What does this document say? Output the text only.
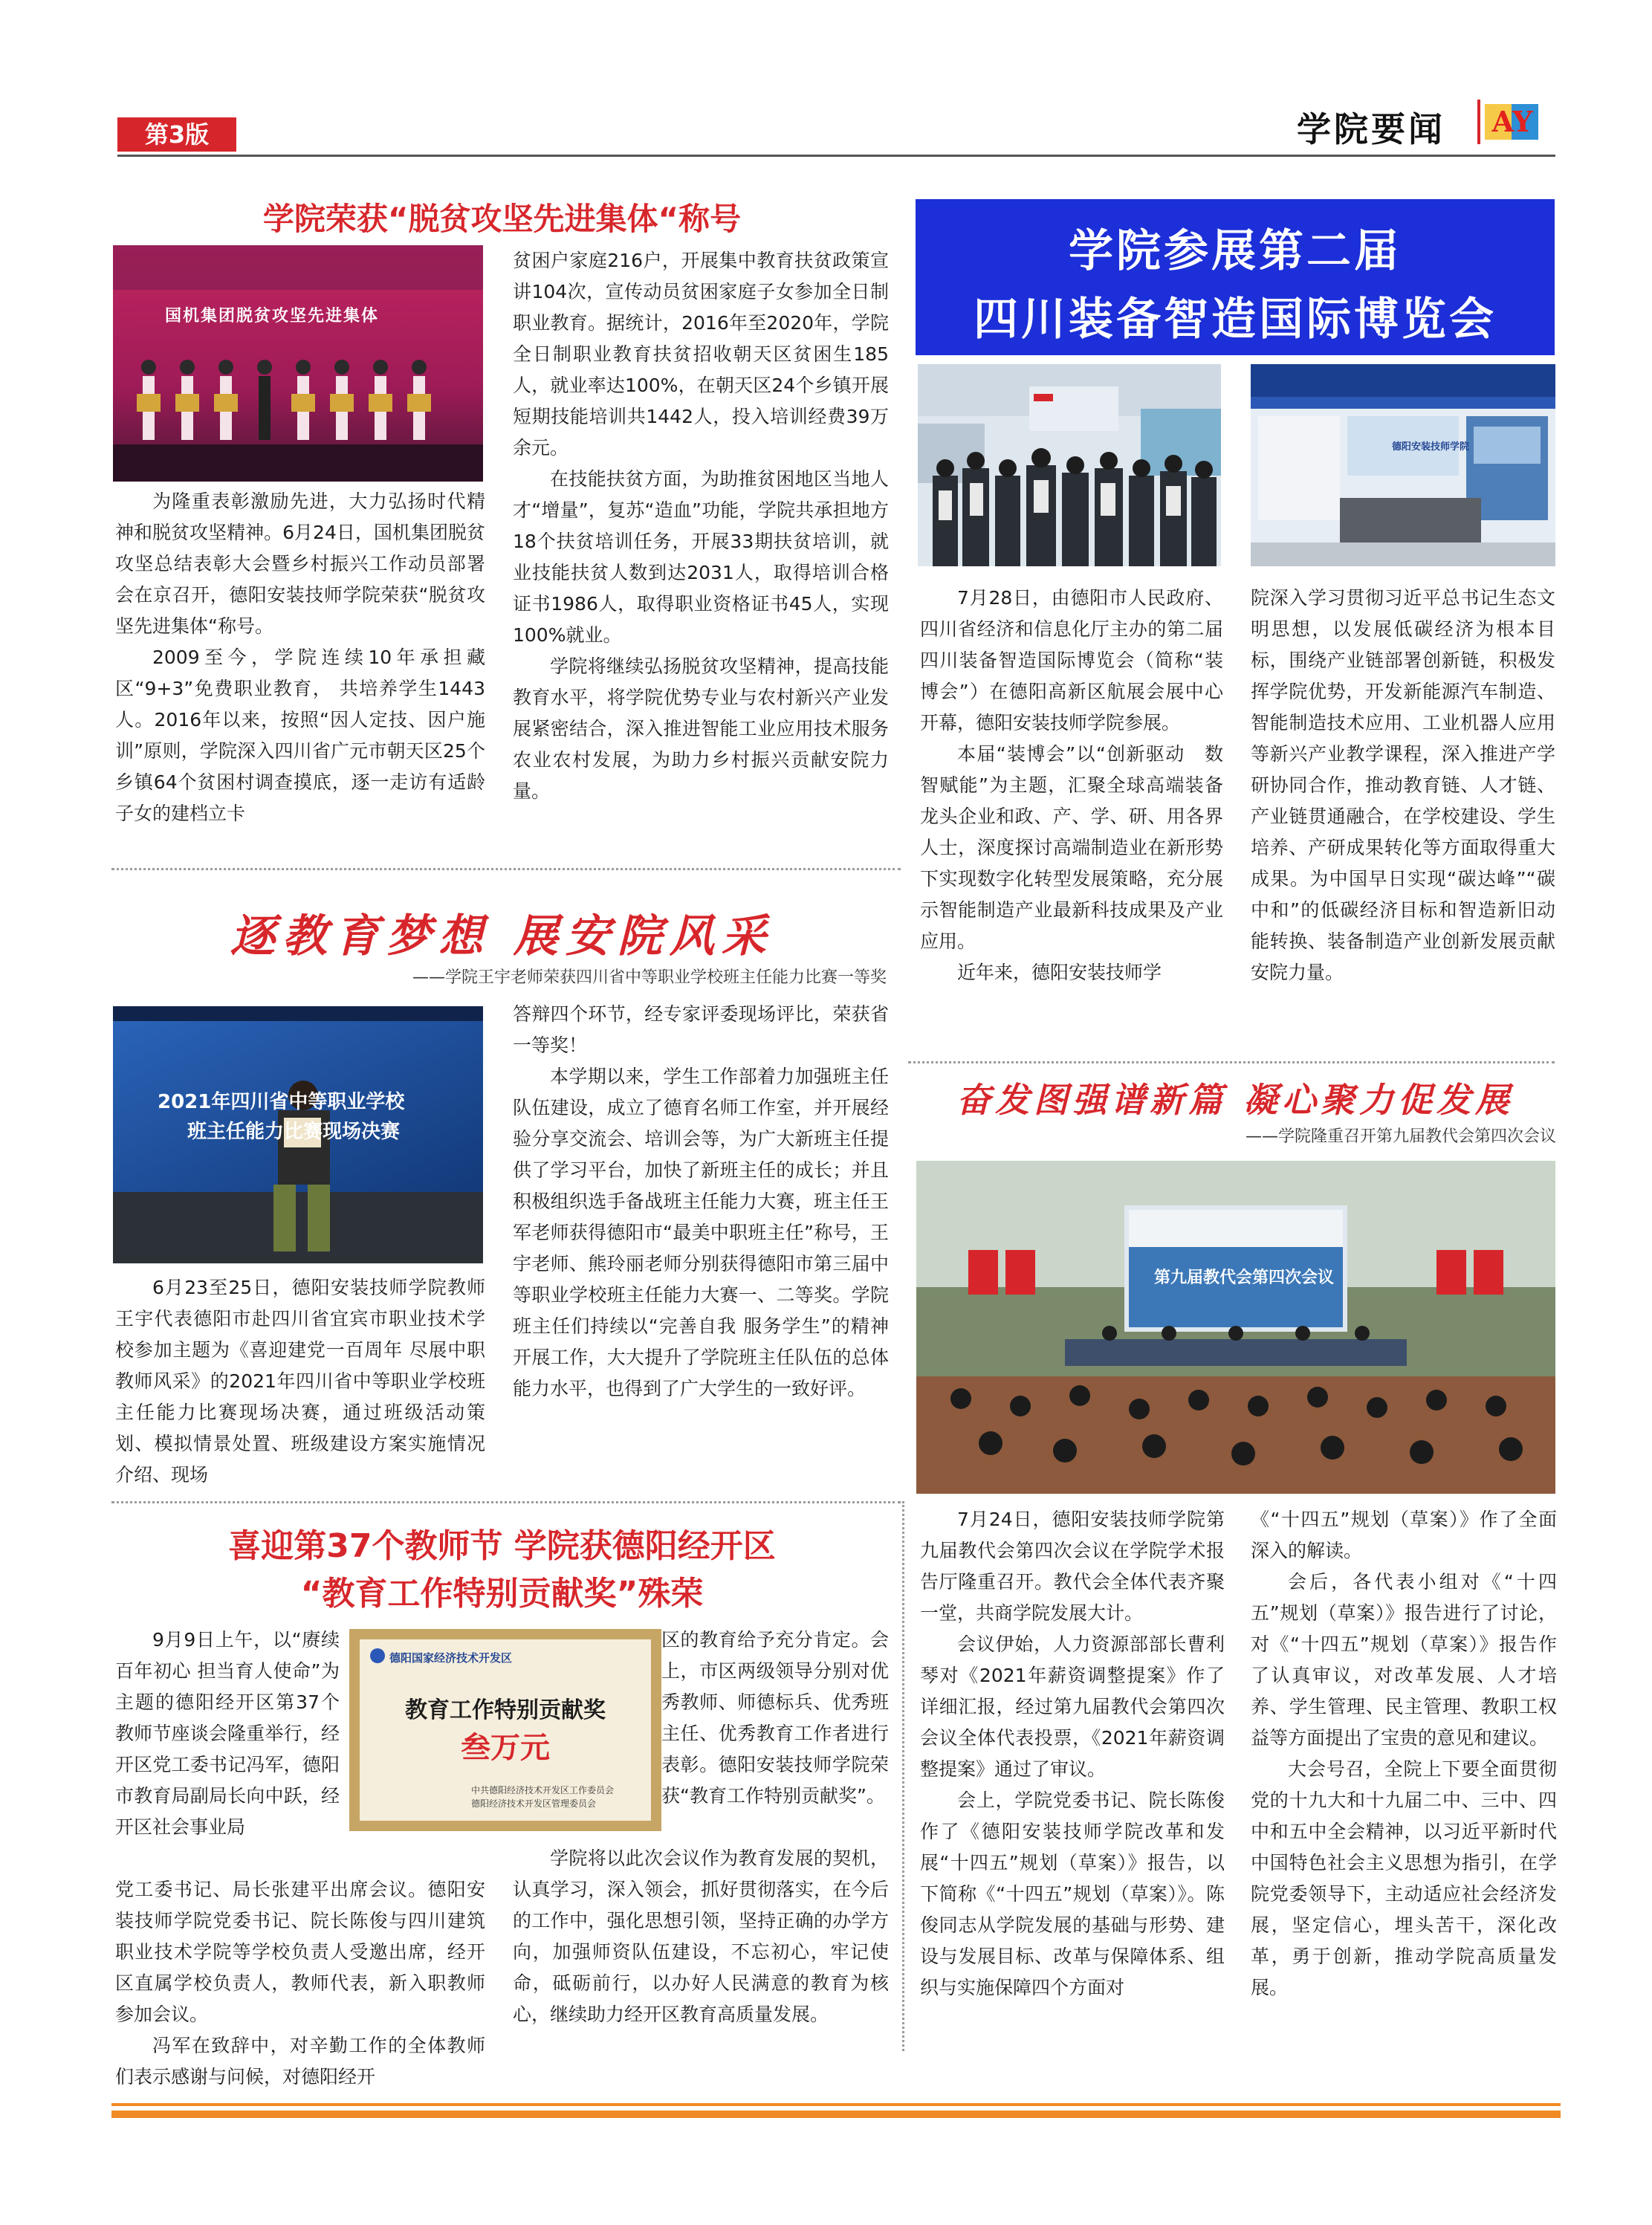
第3版	学院要闻 AY
学院荣获“脱贫攻坚先进集体“称号
国机集团脱贫攻坚先进集体

为隆重表彰激励先进，大力弘扬时代精神和脱贫攻坚精神。6月24日，国机集团脱贫攻坚总结表彰大会暨乡村振兴工作动员部署会在京召开，德阳安装技师学院荣获“脱贫攻坚先进集体“称号。

2009至今，学院连续10年承担藏区“9+3”免费职业教育， 共培养学生1443人。2016年以来，按照“因人定技、因户施训”原则，学院深入四川省广元市朝天区25个乡镇64个贫困村调查摸底，逐一走访有适龄子女的建档立卡

贫困户家庭216户，开展集中教育扶贫政策宣讲104次，宣传动员贫困家庭子女参加全日制职业教育。据统计，2016年至2020年，学院全日制职业教育扶贫招收朝天区贫困生185人，就业率达100%，在朝天区24个乡镇开展短期技能培训共1442人，投入培训经费39万余元。

在技能扶贫方面，为助推贫困地区当地人才“增量”，复苏“造血”功能，学院共承担地方18个扶贫培训任务，开展33期扶贫培训，就业技能扶贫人数到达2031人，取得培训合格证书1986人，取得职业资格证书45人，实现100%就业。

学院将继续弘扬脱贫攻坚精神，提高技能教育水平，将学院优势专业与农村新兴产业发展紧密结合，深入推进智能工业应用技术服务农业农村发展，为助力乡村振兴贡献安院力量。

学院参展第二届
四川装备智造国际博览会
德阳安装技师学院

7月28日，由德阳市人民政府、四川省经济和信息化厅主办的第二届四川装备智造国际博览会（简称“装博会”）在德阳高新区航展会展中心开幕，德阳安装技师学院参展。

本届“装博会”以“创新驱动　数智赋能”为主题，汇聚全球高端装备龙头企业和政、产、学、研、用各界人士，深度探讨高端制造业在新形势下实现数字化转型发展策略，充分展示智能制造产业最新科技成果及产业应用。

近年来，德阳安装技师学

院深入学习贯彻习近平总书记生态文明思想，以发展低碳经济为根本目标，围绕产业链部署创新链，积极发挥学院优势，开发新能源汽车制造、智能制造技术应用、工业机器人应用等新兴产业教学课程，深入推进产学研协同合作，推动教育链、人才链、产业链贯通融合，在学校建设、学生培养、产研成果转化等方面取得重大成果。为中国早日实现“碳达峰”“碳中和”的低碳经济目标和智造新旧动能转换、装备制造产业创新发展贡献安院力量。

逐教育梦想 展安院风采
——学院王宇老师荣获四川省中等职业学校班主任能力比赛一等奖
2021年四川省中等职业学校
班主任能力比赛现场决赛

6月23至25日，德阳安装技师学院教师王宇代表德阳市赴四川省宜宾市职业技术学校参加主题为《喜迎建党一百周年 尽展中职教师风采》的2021年四川省中等职业学校班主任能力比赛现场决赛，通过班级活动策划、模拟情景处置、班级建设方案实施情况介绍、现场

答辩四个环节，经专家评委现场评比，荣获省一等奖！

本学期以来，学生工作部着力加强班主任队伍建设，成立了德育名师工作室，并开展经验分享交流会、培训会等，为广大新班主任提供了学习平台，加快了新班主任的成长；并且积极组织选手备战班主任能力大赛，班主任王军老师获得德阳市“最美中职班主任”称号，王宇老师、熊玲丽老师分别获得德阳市第三届中等职业学校班主任能力大赛一、二等奖。学院班主任们持续以“完善自我 服务学生”的精神开展工作，大大提升了学院班主任队伍的总体能力水平，也得到了广大学生的一致好评。

奋发图强谱新篇 凝心聚力促发展
——学院隆重召开第九届教代会第四次会议
第九届教代会第四次会议

7月24日，德阳安装技师学院第九届教代会第四次会议在学院学术报告厅隆重召开。教代会全体代表齐聚一堂，共商学院发展大计。

会议伊始，人力资源部部长曹利琴对《2021年薪资调整提案》作了详细汇报，经过第九届教代会第四次会议全体代表投票，《2021年薪资调整提案》通过了审议。

会上，学院党委书记、院长陈俊作了《德阳安装技师学院改革和发展“十四五”规划（草案）》报告，以下简称《“十四五”规划（草案）》。陈俊同志从学院发展的基础与形势、建设与发展目标、改革与保障体系、组织与实施保障四个方面对

《“十四五”规划（草案）》作了全面深入的解读。

会后，各代表小组对《“十四五”规划（草案）》报告进行了讨论，对《“十四五”规划（草案）》报告作了认真审议，对改革发展、人才培养、学生管理、民主管理、教职工权益等方面提出了宝贵的意见和建议。

大会号召，全院上下要全面贯彻党的十九大和十九届二中、三中、四中和五中全会精神，以习近平新时代中国特色社会主义思想为指引，在学院党委领导下，主动适应社会经济发展，坚定信心，埋头苦干，深化改革，勇于创新，推动学院高质量发展。

喜迎第37个教师节 学院获德阳经开区
“教育工作特别贡献奖”殊荣
德阳国家经济技术开发区
教育工作特别贡献奖
叁万元
中共德阳经济技术开发区工作委员会
德阳经济技术开发区管理委员会

9月9日上午，以“赓续百年初心 担当育人使命”为主题的德阳经开区第37个教师节座谈会隆重举行，经开区党工委书记冯军，德阳市教育局副局长向中跃，经开区社会事业局

党工委书记、局长张建平出席会议。德阳安装技师学院党委书记、院长陈俊与四川建筑职业技术学院等学校负责人受邀出席，经开区直属学校负责人，教师代表，新入职教师参加会议。

冯军在致辞中，对辛勤工作的全体教师们表示感谢与问候，对德阳经开

区的教育给予充分肯定。会上，市区两级领导分别对优秀教师、师德标兵、优秀班主任、优秀教育工作者进行表彰。德阳安装技师学院荣获“教育工作特别贡献奖”。

学院将以此次会议作为教育发展的契机，认真学习，深入领会，抓好贯彻落实，在今后的工作中，强化思想引领，坚持正确的办学方向，加强师资队伍建设，不忘初心，牢记使命，砥砺前行，以办好人民满意的教育为核心，继续助力经开区教育高质量发展。
